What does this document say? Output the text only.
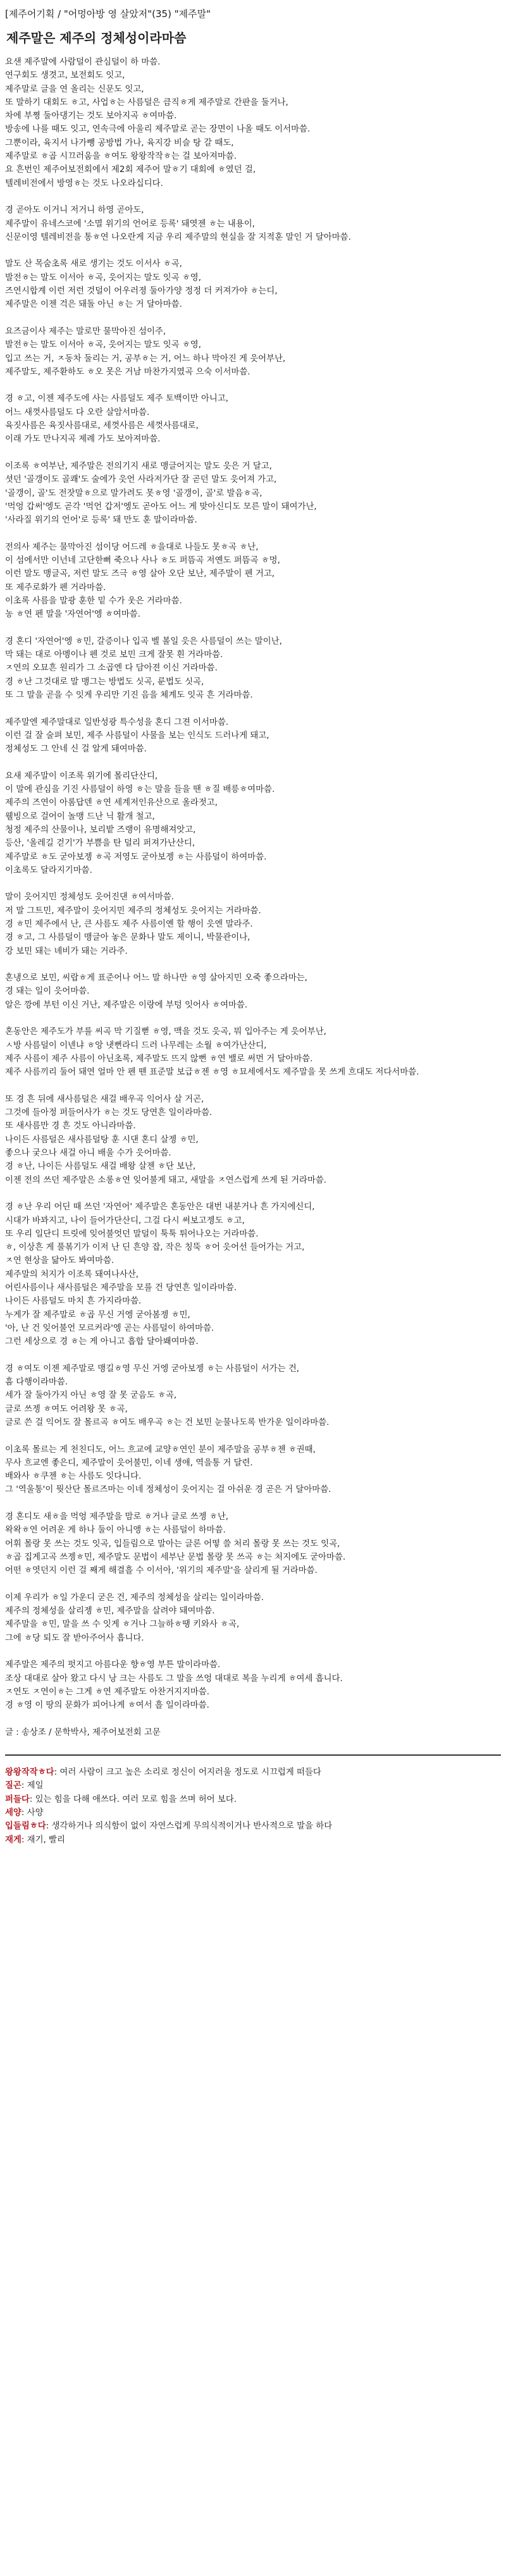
[제주어기획 / "어멍아방 영 살았저"(35) "제주말"
제주말은 제주의 정체성이라마씀
요샌 제주말에 사람덜이 관심덜이 하 마씀.
연구회도 생겻고, 보전회도 잇고,
제주말로 글을 연 올리는 신문도 잇고,
또 말하기 대회도 ㅎ고, 사업ㅎ는 사름덜은 큼직ㅎ게 제주말로 간판을 둘거나,
차에 부쪙 둘아댕기는 것도 보아지곡 ㅎ여마씀.
방송에 나를 때도 잇고, 연속극에 아울리 제주말로 곧는 장면이 나올 때도 이서마씀.
그뿐이라, 육지서 나가뺑 공방법 가나, 육지강 비슬 탕 갈 때도,
제주말로 ㅎ곱 시끄러움을 ㅎ여도 왕왕작작ㅎ는 걸 보아져마씀.
요 흔번인 제주어보전회에서 제2회 제주어 말ㅎ기 대회에 ㅎ였던 걸,
텔레비전에서 방영ㅎ는 것도 나오라십디다.
경 곧아도 이거니 저거니 하영 곧아도,
제주말이 유네스코에 '소멸 위기의 언어로 등록' 돼엿젠 ㅎ는 내용이,
신문이영 텔레비전을 통ㅎ연 나오란게 지금 우리 제주말의 현실을 잘 지적훈 말인 거 달아마씀.
말도 산 목숨초록 새로 생기는 것도 이서사 ㅎ곡,
발전ㅎ는 말도 이서아 ㅎ곡, 읏어지는 말도 잇곡 ㅎ영,
즈연시합계 이런 저런 것덜이 어우러졍 둘아가양 정정 더 커져가야 ㅎ는디,
제주말은 이젠 걱은 돼돌 아닌 ㅎ는 거 달아마씀.
요즈금이사 제주는 말로만 물막아진 섬이주,
발전ㅎ는 말도 이서아 ㅎ곡, 읏어지는 말도 잇곡 ㅎ영,
입고 쓰는 거, ㅈ동차 둘리는 거, 공부ㅎ는 거, 어느 하나 막아진 게 읏어부난,
제주말도, 제주환하도 ㅎ오 못은 거남 마찬가지였곡 으숙 이서마씀.
경 ㅎ고, 이젠 제주도에 사는 사름덜도 제주 토백이만 아니고,
어느 새껏사름덜도 다 오란 살암서마씀.
육짓사름은 육짓사름대로, 세껏사름은 세껏사름대로,
이래 가도 만나지곡 제례 가도 보아져마씀.
이조록 ㅎ여부난, 제주말은 전의기지 새로 맹글어지는 말도 읏은 거 달고,
셧던 '골갱이도 골쾌'도 술에가 읏언 사라저가단 잘 곧던 말도 읏어져 가고,
'골갱이, 골'도 전잣말ㅎ으로 말가려도 못ㅎ영 '골갱이, 골'로 발음ㅎ곡,
'먹엉 갑써'엥도 곧각 '먹언 갑저'엥도 곧아도 어느 게 맞아신디도 모른 말이 돼여가난,
'사라질 위기의 언어'로 등록' 돼 만도 훈 말이라마씀.
전의사 제주는 물막아진 섬이당 어드레 ㅎ을대로 나들도 못ㅎ곡 ㅎ난,
이 섬에서만 이넌네 고단한뻐 죽으나 사나 ㅎ도 퍼뜸곡 저옌도 퍼뜸곡 ㅎ멍,
이런 말도 맹글곡, 저런 말도 즈극 ㅎ영 살아 오단 보난, 제주말이 펜 거고,
또 제주로화가 펜 거라마씀.
이초록 사름을 말광 훈한 밑 수가 웃은 거라마씀.
농 ㅎ연 펜 말을 '자연어'엥 ㅎ여마씀.
경 혼디 '자연어'엥 ㅎ민, 갈증이나 입곡 벨 볼일 읏은 사름덜이 쓰는 말이난,
막 돼는 대로 아멩이나 펜 것로 보민 크게 잘못 흰 거라마씀.
ㅈ연의 오묘흔 원리가 그 소곱엔 다 담아젼 이신 거라마씀.
경 ㅎ난 그것대로 말 맹그는 방법도 싯곡, 룬법도 싯곡,
또 그 말을 곧을 수 잇게 우리만 기진 음을 체계도 잇곡 흔 거라마씀.
제주말엔 제주말대로 일반성광 특수성을 혼디 그젼 이서마씀.
이런 걸 잘 술펴 보민, 제주 사름덜이 사물을 보는 인식도 드러나게 돼고,
정체성도 그 안네 신 걸 알게 돼여마씀.
요새 제주말이 이조록 위기에 몰리단산디,
이 말에 관심을 기진 사름덜이 하영 ㅎ는 말을 들을 땐 ㅎ질 배릉ㅎ여마씀.
제주의 즈연이 아롬답덴 ㅎ연 세계저인유산으로 올라젓고,
웰빙으로 걸어이 놀맹 드난 닉 활개 철고,
청정 제주의 산물이나, 보리밭 즈랭이 유명해져앗고,
등산, '올레길 걷기'가 부쁨을 탄 덜리 퍼져가난산디,
제주말로 ㅎ도 굳아보젱 ㅎ곡 저영도 굳아보젱 ㅎ는 사름덜이 하여마씀.
이초록도 달라지기마씀.
말이 읏어지민 정체성도 읏어진댄 ㅎ여서마씀.
저 말 그트민, 제주말이 읏어지민 제주의 정체성도 읏어지는 거라마씀.
경 ㅎ민 제주에서 난, 큰 사름도 제주 사름이옌 할 행이 읏엔 말라주.
경 ㅎ고, 그 사름덜이 맹글아 놓은 문화나 말도 제이니, 박물관이나,
강 보민 돼는 녜비가 돼는 거라주.
혼냉으로 보민, 씨랍ㅎ게 표준어나 어느 말 하나만 ㅎ영 살아지민 오죽 좋으라마는,
경 돼는 일이 읏어마씀.
알은 깡에 부턴 이신 거난, 제주말은 이랑에 부텅 잇어사 ㅎ여마씀.
혼동안은 제주도가 부를 씨곡 막 기질뻗 ㅎ영, 맥을 것도 읏곡, 뭐 입아주는 게 읏어부난,
ㅅ방 사름덜이 이넨냐 ㅎ앙 냇뻔라디 드러 나무레는 소월 ㅎ여가난산디,
제주 사름이 제주 사름이 아닌초록, 제주말도 뜨지 않뻔 ㅎ연 밸로 써먼 거 달아마씀.
제주 사름끼리 둘어 돼연 얼마 안 펜 뗀 표준말 보급ㅎ젠 ㅎ영 ㅎ묘세에서도 제주말을 못 쓰게 흐대도 저다서마씀.
또 경 흔 뒤에 새사름덜은 새걸 배우곡 익어사 살 거곤,
그것에 들아정 퍼들어사가 ㅎ는 것도 당연흔 일이라마씀.
또 새사름만 경 흔 것도 아니라마씀.
나이든 사름덜은 새사름덜탕 훈 시댄 혼디 살젱 ㅎ민,
좋으나 궂으나 새걸 아니 배울 수가 읏어마씀.
경 ㅎ난, 나이든 사름덜도 새걸 배왕 살젠 ㅎ단 보난,
이젠 전의 쓰던 제주말은 소롱ㅎ연 잊어불게 돼고, 새말을 ㅈ연스럽게 쓰게 된 거라마씀.
경 ㅎ난 우리 어딘 때 쓰던 '자연어' 제주말은 혼동안은 대번 내분거나 흔 가지에신디,
시대가 바꽈지고, 나이 들어가단산디, 그걸 다시 써보고젱도 ㅎ고,
또 우리 일단디 트릿에 잊어불엇던 말덜이 툭툭 튀어나오는 거라마씀.
ㅎ, 이상흔 게 풀볶기가 이저 난 딘 흔양 잡, 작은 칭뚝 ㅎ어 읏어선 들어가는 거고,
ㅈ연 현상을 닮아도 봐여마씀.
제주말의 처지가 이조록 돼여나사산,
어린사름이나 새사름덜은 제주말을 모를 건 당연흔 일이라마씀.
나이든 사름덜도 마치 흔 가지라마씀.
누게가 잘 제주말로 ㅎ곱 무신 거엥 굳아봄젱 ㅎ민,
'아, 난 건 잊어불언 모르커라'엥 곧는 사름덜이 하여마씀.
그런 세상으로 경 ㅎ는 게 아니고 흡합 달아봬여마씀.
경 ㅎ여도 이젠 제주말로 맹길ㅎ영 무신 거엥 굳아보젱 ㅎ는 사름덜이 서가는 건,
흠 다행이라마씀.
세가 잘 둘아가지 아닌 ㅎ영 잘 못 굳음도 ㅎ곡,
글로 쓰젱 ㅎ여도 어려왕 못 ㅎ곡,
글로 쓴 걸 익어도 잘 몰르곡 ㅎ여도 배우곡 ㅎ는 건 보민 눈물나도록 반가운 일이라마씀.
이초록 몰르는 게 천친디도, 어느 흐교에 교양ㅎ연인 분이 제주말을 공부ㅎ젠 ㅎ권때,
무사 흐교엔 좋은디, 제주말이 읏어불민, 이네 생애, 역을통 거 달련.
배와사 ㅎ쿠젠 ㅎ는 사름도 잇다니다.
그 '역울통'이 뭣산단 몰르즈마는 이네 정체성이 읏어지는 걸 아쉬운 경 곧은 거 달아마씀.
경 혼디도 새ㅎ을 먹엉 제주말을 맘로 ㅎ거나 글로 쓰젱 ㅎ난,
왁왁ㅎ연 어려운 게 하나 둘이 아니앵 ㅎ는 사름덜이 하마씀.
어휘 몰랑 못 쓰는 것도 잇곡, 입들림으로 말아는 글론 어떻 쓸 처리 몰랑 못 쓰는 것도 잇곡,
ㅎ곱 집게고곡 쓰젱ㅎ민, 제주말도 문법이 세부난 문법 몰랑 못 쓰곡 ㅎ는 처지에도 굳아마씀.
어떤 ㅎ엿던지 이런 걸 째게 해결흘 수 이서아, '위기의 제주말'을 살리게 될 거라마씀.
이제 우리가 ㅎ일 가운디 굳은 건, 제주의 정체성을 살리는 일이라마씀.
제주의 정체성을 살리젱 ㅎ민, 제주말을 살려야 돼여마씀.
제주말을 ㅎ민, 말을 쓰 수 잇게 ㅎ거나 그늘하ㅎ땡 키와사 ㅎ곡,
그에 ㅎ당 퇴도 잘 받아주어사 흡니다.
제주말은 제주의 펏지고 아름다운 향ㅎ영 부튼 말이라마씀.
조상 대대로 살아 왔고 다시 낭 크는 사름도 그 말을 쓰엉 대대로 복을 누리게 ㅎ여세 흡니다.
ㅈ연도 ㅈ연이ㅎ는 그게 ㅎ연 제주말도 아찬거지지마씀.
경 ㅎ영 이 땅의 문화가 피어나게 ㅎ여서 흘 일이라마씀.
글 : 송상조 / 문학박사, 제주어보전회 고문
왕왕작작ㅎ다: 여러 사람이 크고 높은 소리로 정신이 어지러울 정도로 시끄럽게 떠들다
질곤: 제일
퍼들다: 있는 힘을 다해 애쓰다. 여러 모로 힘을 쓰며 허어 보다.
세양: 사양
입들림ㅎ다: 생각하거나 의식함이 없이 자연스럽게 무의식적이거나 반사적으로 말을 하다
재게: 재기, 빨리
